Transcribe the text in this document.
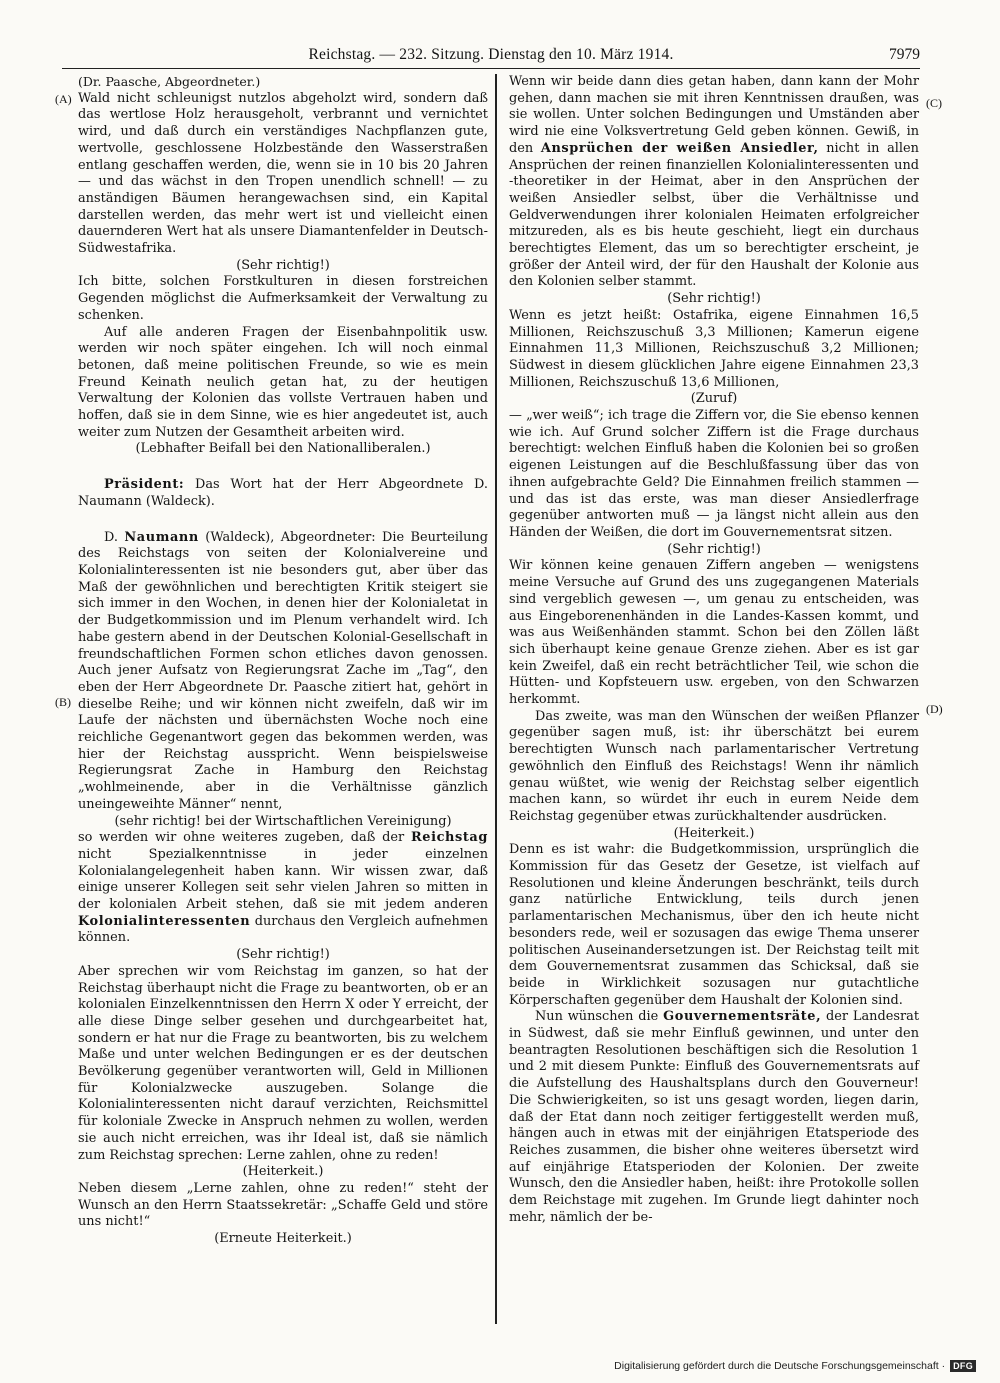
Reichstag. — 232. Sitzung. Dienstag den 10. März 1914.	7979
(A)
(B)
(C)
(D)

(Dr. Paasche, Abgeordneter.)

Wald nicht schleunigst nutzlos abgeholzt wird, sondern daß das wertlose Holz herausgeholt, verbrannt und vernichtet wird, und daß durch ein verständiges Nachpflanzen gute, wertvolle, geschlossene Holzbestände den Wasserstraßen entlang geschaffen werden, die, wenn sie in 10 bis 20 Jahren — und das wächst in den Tropen unendlich schnell! — zu anständigen Bäumen herangewachsen sind, ein Kapital darstellen werden, das mehr wert ist und vielleicht einen dauernderen Wert hat als unsere Diamantenfelder in Deutsch-Südwestafrika.

(Sehr richtig!)

Ich bitte, solchen Forstkulturen in diesen forstreichen Gegenden möglichst die Aufmerksamkeit der Verwaltung zu schenken.

Auf alle anderen Fragen der Eisenbahnpolitik usw. werden wir noch später eingehen. Ich will noch einmal betonen, daß meine politischen Freunde, so wie es mein Freund Keinath neulich getan hat, zu der heutigen Verwaltung der Kolonien das vollste Vertrauen haben und hoffen, daß sie in dem Sinne, wie es hier angedeutet ist, auch weiter zum Nutzen der Gesamtheit arbeiten wird.

(Lebhafter Beifall bei den Nationalliberalen.)

Präsident: Das Wort hat der Herr Abgeordnete D. Naumann (Waldeck).

D. Naumann (Waldeck), Abgeordneter: Die Beurteilung des Reichstags von seiten der Kolonialvereine und Kolonialinteressenten ist nie besonders gut, aber über das Maß der gewöhnlichen und berechtigten Kritik steigert sie sich immer in den Wochen, in denen hier der Kolonialetat in der Budgetkommission und im Plenum verhandelt wird. Ich habe gestern abend in der Deutschen Kolonial-Gesellschaft in freundschaftlichen Formen schon etliches davon genossen. Auch jener Aufsatz von Regierungsrat Zache im „Tag“, den eben der Herr Abgeordnete Dr. Paasche zitiert hat, gehört in dieselbe Reihe; und wir können nicht zweifeln, daß wir im Laufe der nächsten und übernächsten Woche noch eine reichliche Gegenantwort gegen das bekommen werden, was hier der Reichstag ausspricht. Wenn beispielsweise Regierungsrat Zache in Hamburg den Reichstag „wohlmeinende, aber in die Verhältnisse gänzlich uneingeweihte Männer“ nennt,

(sehr richtig! bei der Wirtschaftlichen Vereinigung)

so werden wir ohne weiteres zugeben, daß der Reichstag nicht Spezialkenntnisse in jeder einzelnen Kolonialangelegenheit haben kann. Wir wissen zwar, daß einige unserer Kollegen seit sehr vielen Jahren so mitten in der kolonialen Arbeit stehen, daß sie mit jedem anderen Kolonialinteressenten durchaus den Vergleich aufnehmen können.

(Sehr richtig!)

Aber sprechen wir vom Reichstag im ganzen, so hat der Reichstag überhaupt nicht die Frage zu beantworten, ob er an kolonialen Einzelkenntnissen den Herrn X oder Y erreicht, der alle diese Dinge selber gesehen und durchgearbeitet hat, sondern er hat nur die Frage zu beantworten, bis zu welchem Maße und unter welchen Bedingungen er es der deutschen Bevölkerung gegenüber verantworten will, Geld in Millionen für Kolonialzwecke auszugeben. Solange die Kolonialinteressenten nicht darauf verzichten, Reichsmittel für koloniale Zwecke in Anspruch nehmen zu wollen, werden sie auch nicht erreichen, was ihr Ideal ist, daß sie nämlich zum Reichstag sprechen: Lerne zahlen, ohne zu reden!

(Heiterkeit.)

Neben diesem „Lerne zahlen, ohne zu reden!“ steht der Wunsch an den Herrn Staatssekretär: „Schaffe Geld und störe uns nicht!“

(Erneute Heiterkeit.)

Wenn wir beide dann dies getan haben, dann kann der Mohr gehen, dann machen sie mit ihren Kenntnissen draußen, was sie wollen. Unter solchen Bedingungen und Umständen aber wird nie eine Volksvertretung Geld geben können. Gewiß, in den Ansprüchen der weißen Ansiedler, nicht in allen Ansprüchen der reinen finanziellen Kolonialinteressenten und -theoretiker in der Heimat, aber in den Ansprüchen der weißen Ansiedler selbst, über die Verhältnisse und Geldverwendungen ihrer kolonialen Heimaten erfolgreicher mitzureden, als es bis heute geschieht, liegt ein durchaus berechtigtes Element, das um so berechtigter erscheint, je größer der Anteil wird, der für den Haushalt der Kolonie aus den Kolonien selber stammt.

(Sehr richtig!)

Wenn es jetzt heißt: Ostafrika, eigene Einnahmen 16,5 Millionen, Reichszuschuß 3,3 Millionen; Kamerun eigene Einnahmen 11,3 Millionen, Reichszuschuß 3,2 Millionen; Südwest in diesem glücklichen Jahre eigene Einnahmen 23,3 Millionen, Reichszuschuß 13,6 Millionen,

(Zuruf)

— „wer weiß“; ich trage die Ziffern vor, die Sie ebenso kennen wie ich. Auf Grund solcher Ziffern ist die Frage durchaus berechtigt: welchen Einfluß haben die Kolonien bei so großen eigenen Leistungen auf die Beschlußfassung über das von ihnen aufgebrachte Geld? Die Einnahmen freilich stammen — und das ist das erste, was man dieser Ansiedlerfrage gegenüber antworten muß — ja längst nicht allein aus den Händen der Weißen, die dort im Gouvernementsrat sitzen.

(Sehr richtig!)

Wir können keine genauen Ziffern angeben — wenigstens meine Versuche auf Grund des uns zugegangenen Materials sind vergeblich gewesen —, um genau zu entscheiden, was aus Eingeborenenhänden in die Landes-Kassen kommt, und was aus Weißenhänden stammt. Schon bei den Zöllen läßt sich überhaupt keine genaue Grenze ziehen. Aber es ist gar kein Zweifel, daß ein recht beträchtlicher Teil, wie schon die Hütten- und Kopfsteuern usw. ergeben, von den Schwarzen herkommt.

Das zweite, was man den Wünschen der weißen Pflanzer gegenüber sagen muß, ist: ihr überschätzt bei eurem berechtigten Wunsch nach parlamentarischer Vertretung gewöhnlich den Einfluß des Reichstags! Wenn ihr nämlich genau wüßtet, wie wenig der Reichstag selber eigentlich machen kann, so würdet ihr euch in eurem Neide dem Reichstag gegenüber etwas zurückhaltender ausdrücken.

(Heiterkeit.)

Denn es ist wahr: die Budgetkommission, ursprünglich die Kommission für das Gesetz der Gesetze, ist vielfach auf Resolutionen und kleine Änderungen beschränkt, teils durch ganz natürliche Entwicklung, teils durch jenen parlamentarischen Mechanismus, über den ich heute nicht besonders rede, weil er sozusagen das ewige Thema unserer politischen Auseinandersetzungen ist. Der Reichstag teilt mit dem Gouvernementsrat zusammen das Schicksal, daß sie beide in Wirklichkeit sozusagen nur gutachtliche Körperschaften gegenüber dem Haushalt der Kolonien sind.

Nun wünschen die Gouvernementsräte, der Landesrat in Südwest, daß sie mehr Einfluß gewinnen, und unter den beantragten Resolutionen beschäftigen sich die Resolution 1 und 2 mit diesem Punkte: Einfluß des Gouvernementsrats auf die Aufstellung des Haushaltsplans durch den Gouverneur! Die Schwierigkeiten, so ist uns gesagt worden, liegen darin, daß der Etat dann noch zeitiger fertiggestellt werden muß, hängen auch in etwas mit der einjährigen Etatsperiode des Reiches zusammen, die bisher ohne weiteres übersetzt wird auf einjährige Etatsperioden der Kolonien. Der zweite Wunsch, den die Ansiedler haben, heißt: ihre Protokolle sollen dem Reichstage mit zugehen. Im Grunde liegt dahinter noch mehr, nämlich der be-

Digitalisierung gefördert durch die Deutsche Forschungsgemeinschaft · DFG
